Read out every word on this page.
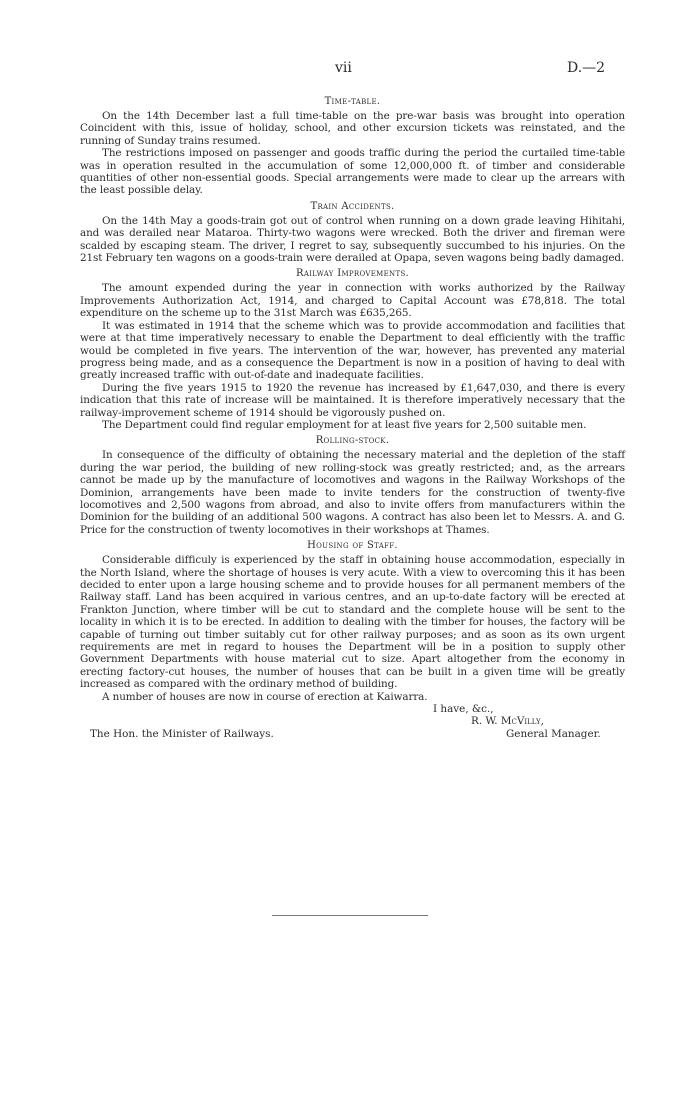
vii	D.—2
Time-table.

On the 14th December last a full time-table on the pre-war basis was brought into operation Coincident with this, issue of holiday, school, and other excursion tickets was reinstated, and the running of Sunday trains resumed.

The restrictions imposed on passenger and goods traffic during the period the curtailed time-table was in operation resulted in the accumulation of some 12,000,000 ft. of timber and considerable quantities of other non-essential goods. Special arrangements were made to clear up the arrears with the least possible delay.

Train Accidents.

On the 14th May a goods-train got out of control when running on a down grade leaving Hihitahi, and was derailed near Mataroa. Thirty-two wagons were wrecked. Both the driver and fireman were scalded by escaping steam. The driver, I regret to say, subsequently succumbed to his injuries. On the 21st February ten wagons on a goods-train were derailed at Opapa, seven wagons being badly damaged.

Railway Improvements.

The amount expended during the year in connection with works authorized by the Railway Improvements Authorization Act, 1914, and charged to Capital Account was £78,818. The total expenditure on the scheme up to the 31st March was £635,265.

It was estimated in 1914 that the scheme which was to provide accommodation and facilities that were at that time imperatively necessary to enable the Department to deal efficiently with the traffic would be completed in five years. The intervention of the war, however, has prevented any material progress being made, and as a consequence the Department is now in a position of having to deal with greatly increased traffic with out-of-date and inadequate facilities.

During the five years 1915 to 1920 the revenue has increased by £1,647,030, and there is every indication that this rate of increase will be maintained. It is therefore imperatively necessary that the railway-improvement scheme of 1914 should be vigorously pushed on.

The Department could find regular employment for at least five years for 2,500 suitable men.

Rolling-stock.

In consequence of the difficulty of obtaining the necessary material and the depletion of the staff during the war period, the building of new rolling-stock was greatly restricted; and, as the arrears cannot be made up by the manufacture of locomotives and wagons in the Railway Workshops of the Dominion, arrangements have been made to invite tenders for the construction of twenty-five locomotives and 2,500 wagons from abroad, and also to invite offers from manufacturers within the Dominion for the building of an additional 500 wagons. A contract has also been let to Messrs. A. and G. Price for the construction of twenty locomotives in their workshops at Thames.

Housing of Staff.

Considerable difficuly is experienced by the staff in obtaining house accommodation, especially in the North Island, where the shortage of houses is very acute. With a view to overcoming this it has been decided to enter upon a large housing scheme and to provide houses for all permanent members of the Railway staff. Land has been acquired in various centres, and an up-to-date factory will be erected at Frankton Junction, where timber will be cut to standard and the complete house will be sent to the locality in which it is to be erected. In addition to dealing with the timber for houses, the factory will be capable of turning out timber suitably cut for other railway purposes; and as soon as its own urgent requirements are met in regard to houses the Department will be in a position to supply other Government Departments with house material cut to size. Apart altogether from the economy in erecting factory-cut houses, the number of houses that can be built in a given time will be greatly increased as compared with the ordinary method of building.

A number of houses are now in course of erection at Kaiwarra.

I have, &c.,
R. W. McVilly,
The Hon. the Minister of Railways.	General Manager.
